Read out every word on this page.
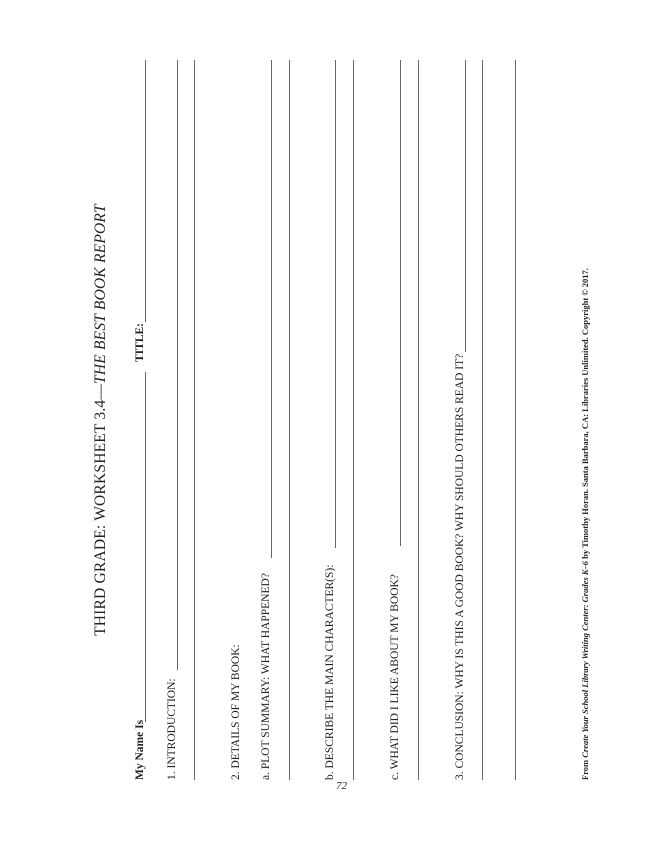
THIRD GRADE: WORKSHEET 3.4—THE BEST BOOK REPORT
My Name Is
TITLE:
1. INTRODUCTION:	2. DETAILS OF MY BOOK: a. PLOT SUMMARY: WHAT HAPPENED?	b. DESCRIBE THE MAIN CHARACTER(S):	c. WHAT DID I LIKE ABOUT MY BOOK?	3. CONCLUSION: WHY IS THIS A GOOD BOOK? WHY SHOULD OTHERS READ IT?	From Create Your School Library Writing Center: Grades K–6 by Timothy Horan. Santa Barbara, CA: Libraries Unlimited. Copyright © 2017.
72
